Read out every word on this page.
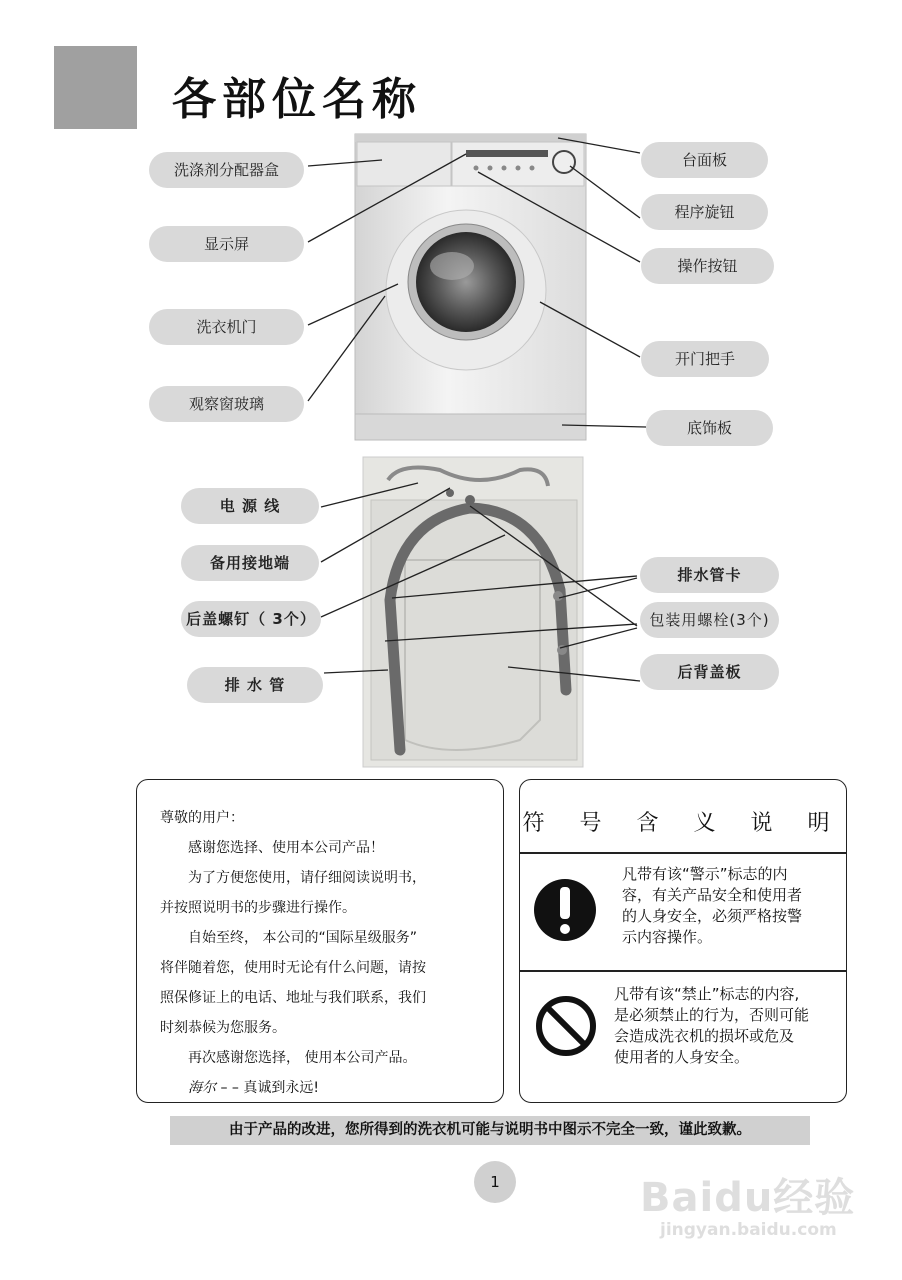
各部位名称
洗涤剂分配器盒
显示屏
洗衣机门
观察窗玻璃
台面板
程序旋钮
操作按钮
开门把手
底饰板
电 源 线
备用接地端
后盖螺钉（ 3个）
排 水 管
排水管卡
包装用螺栓(3个)
后背盖板
尊敬的用户：
感谢您选择、使用本公司产品！
为了方便您使用，请仔细阅读说明书，
并按照说明书的步骤进行操作。
自始至终， 本公司的“国际星级服务”
将伴随着您，使用时无论有什么问题，请按
照保修证上的电话、地址与我们联系，我们
时刻恭候为您服务。
再次感谢您选择， 使用本公司产品。
海尔 – – 真诚到永远!
符 号 含 义 说 明
凡带有该“警示”标志的内
容，有关产品安全和使用者
的人身安全，必须严格按警
示内容操作。
凡带有该“禁止”标志的内容,
是必须禁止的行为，否则可能
会造成洗衣机的损坏或危及
使用者的人身安全。
由于产品的改进，您所得到的洗衣机可能与说明书中图示不完全一致，谨此致歉。
1	Baidu经验
jingyan.baidu.com
